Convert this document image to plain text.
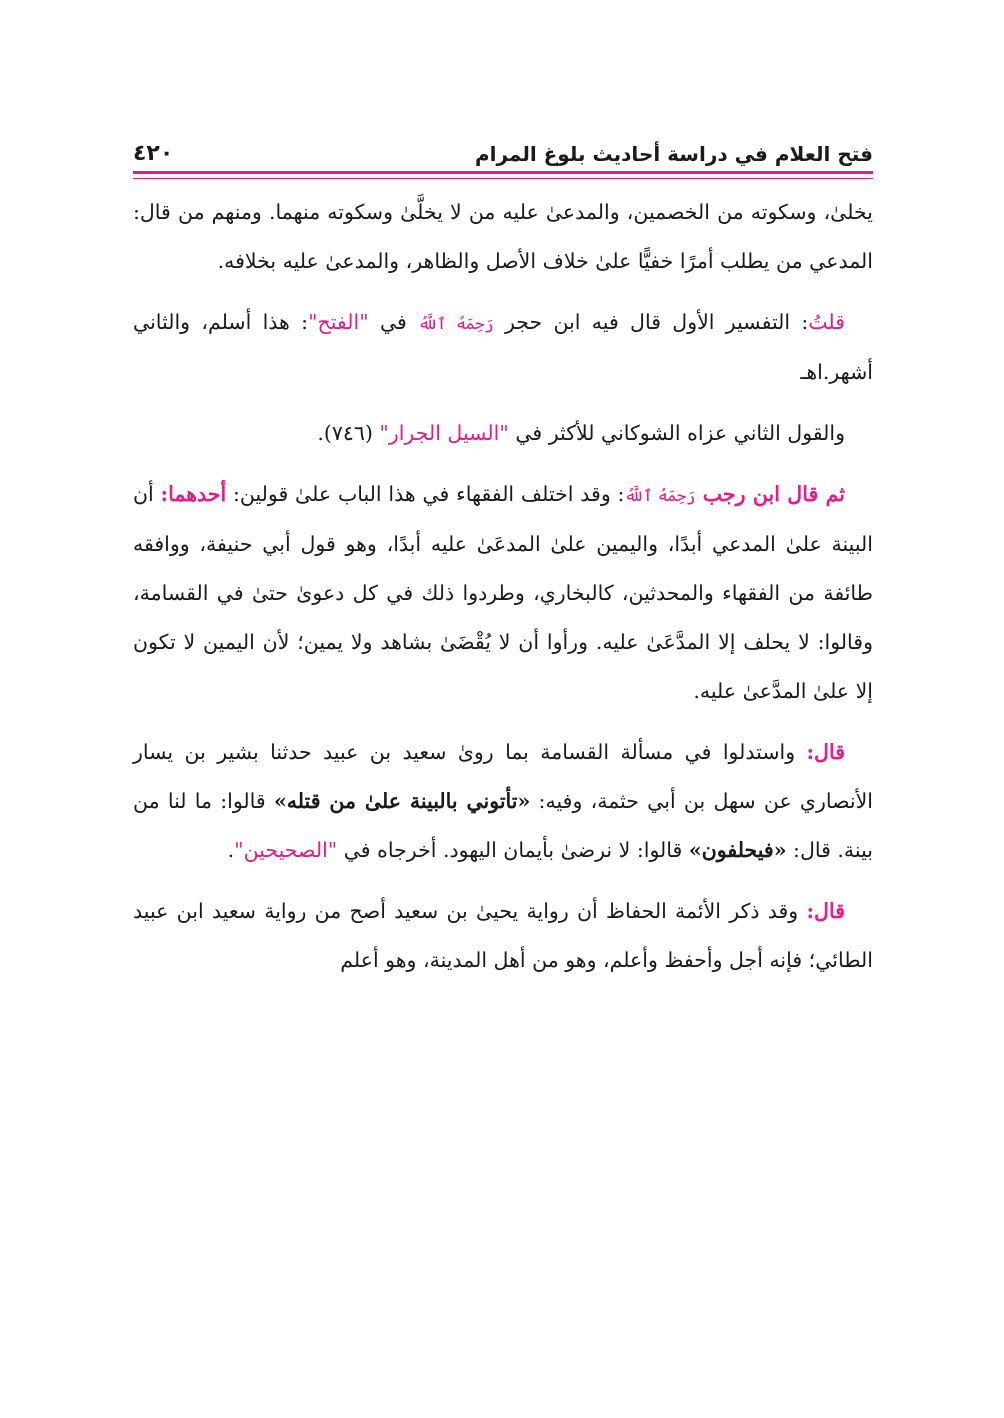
فتح العلام في دراسة أحاديث بلوغ المرام
٤٢٠

يخلىٰ، وسكوته من الخصمين، والمدعىٰ عليه من لا يخلَّىٰ وسكوته منهما. ومنهم من قال: المدعي من يطلب أمرًا خفيًّا علىٰ خلاف الأصل والظاهر، والمدعىٰ عليه بخلافه.

قلتُ: التفسير الأول قال فيه ابن حجر رَحِمَهُ ٱللَّهُ في "الفتح": هذا أسلم، والثاني أشهر.اهـ

والقول الثاني عزاه الشوكاني للأكثر في "السيل الجرار" (٧٤٦).

ثم قال ابن رجب رَحِمَهُ ٱللَّهُ: وقد اختلف الفقهاء في هذا الباب علىٰ قولين: أحدهما: أن البينة علىٰ المدعي أبدًا، واليمين علىٰ المدعَىٰ عليه أبدًا، وهو قول أبي حنيفة، ووافقه طائفة من الفقهاء والمحدثين، كالبخاري، وطردوا ذلك في كل دعوىٰ حتىٰ في القسامة، وقالوا: لا يحلف إلا المدَّعَىٰ عليه. ورأوا أن لا يُقْضَىٰ بشاهد ولا يمين؛ لأن اليمين لا تكون إلا علىٰ المدَّعىٰ عليه.

قال: واستدلوا في مسألة القسامة بما روىٰ سعيد بن عبيد حدثنا بشير بن يسار الأنصاري عن سهل بن أبي حثمة، وفيه: «تأتوني بالبينة علىٰ من قتله» قالوا: ما لنا من بينة. قال: «فيحلفون» قالوا: لا نرضىٰ بأيمان اليهود. أخرجاه في "الصحيحين".

قال: وقد ذكر الأئمة الحفاظ أن رواية يحيىٰ بن سعيد أصح من رواية سعيد ابن عبيد الطائي؛ فإنه أجل وأحفظ وأعلم، وهو من أهل المدينة، وهو أعلم
